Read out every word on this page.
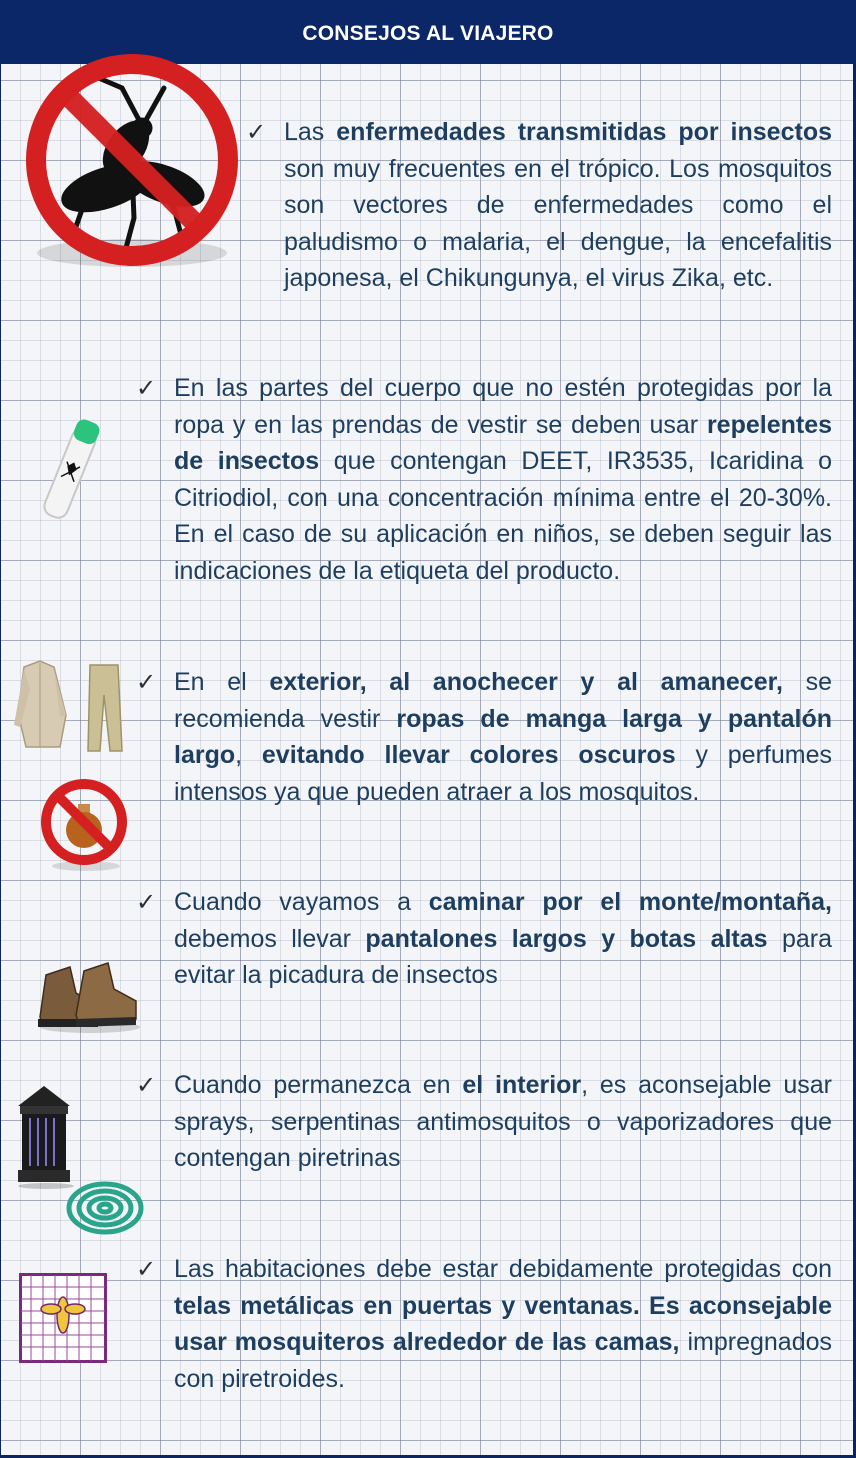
CONSEJOS AL VIAJERO
✓ Las enfermedades transmitidas por insectos son muy frecuentes en el trópico. Los mosquitos son vectores de enfermedades como el paludismo o malaria, el dengue, la encefalitis japonesa, el Chikungunya, el virus Zika, etc.

✓ En las partes del cuerpo que no estén protegidas por la ropa y en las prendas de vestir se deben usar repelentes de insectos que contengan DEET, IR3535, Icaridina o Citriodiol, con una concentración mínima entre el 20-30%. En el caso de su aplicación en niños, se deben seguir las indicaciones de la etiqueta del producto.

✓ En el exterior, al anochecer y al amanecer, se recomienda vestir ropas de manga larga y pantalón largo, evitando llevar colores oscuros y perfumes intensos ya que pueden atraer a los mosquitos.

✓ Cuando vayamos a caminar por el monte/montaña, debemos llevar pantalones largos y botas altas para evitar la picadura de insectos

✓ Cuando permanezca en el interior, es aconsejable usar sprays, serpentinas antimosquitos o vaporizadores que contengan piretrinas

✓ Las habitaciones debe estar debidamente protegidas con telas metálicas en puertas y ventanas. Es aconsejable usar mosquiteros alrededor de las camas, impregnados con piretroides.
